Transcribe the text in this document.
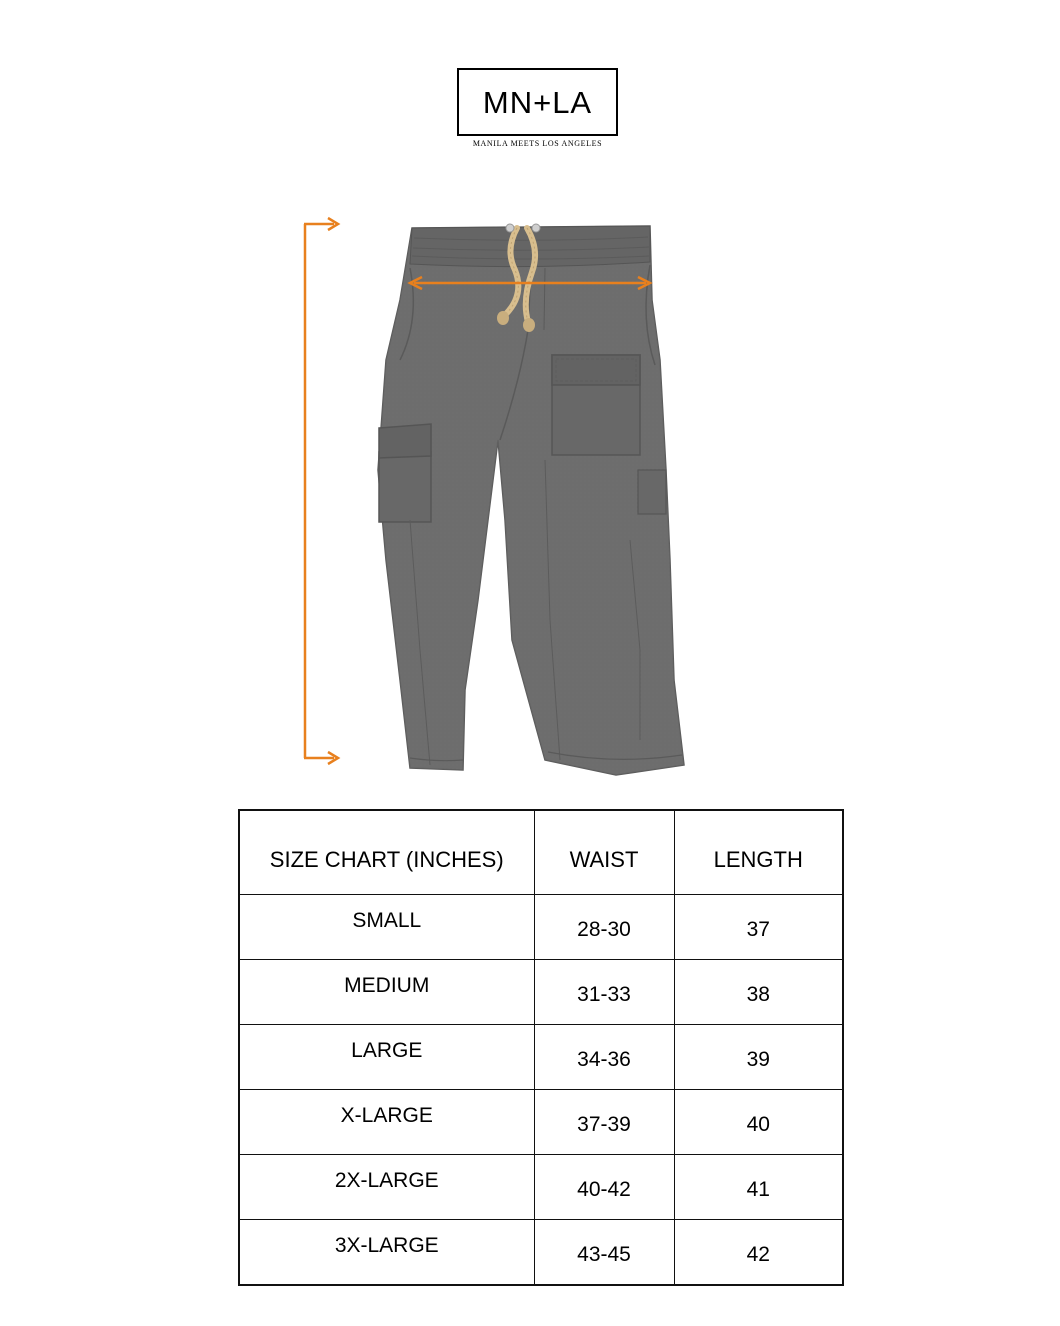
MN+LA
MANILA MEETS LOS ANGELES
SIZE CHART (INCHES)	WAIST	LENGTH
SMALL	28-30	37
MEDIUM	31-33	38
LARGE	34-36	39
X-LARGE	37-39	40
2X-LARGE	40-42	41
3X-LARGE	43-45	42
